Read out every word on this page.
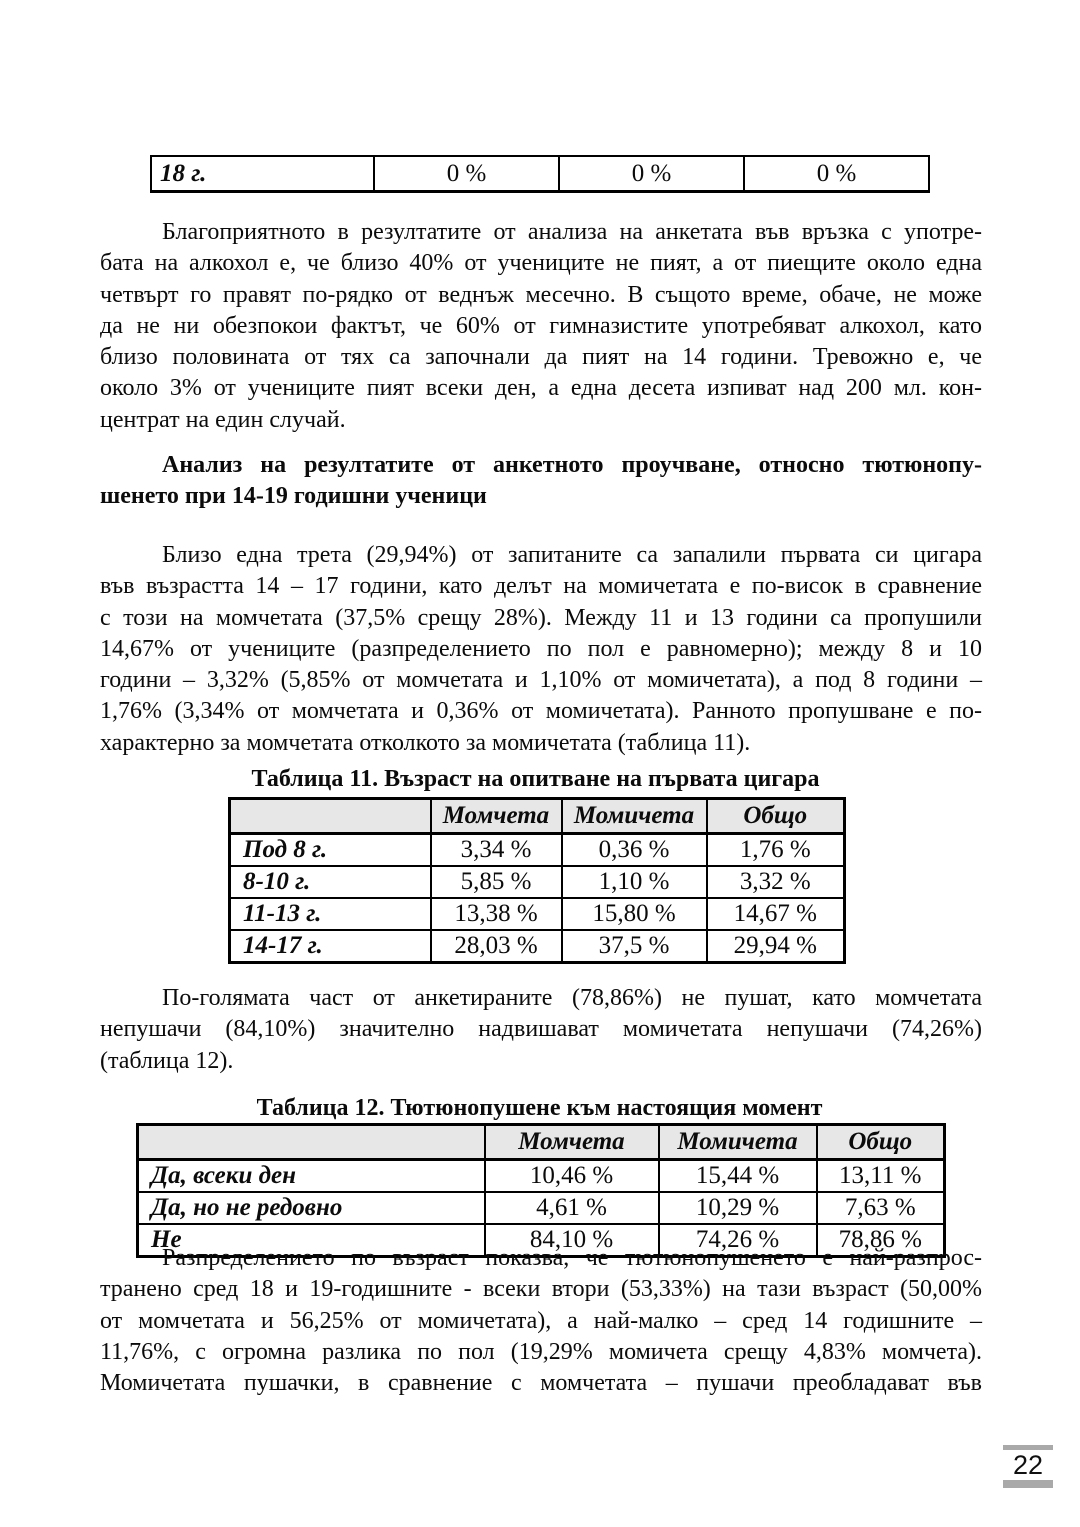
18 г.	0 %	0 %	0 %
Благоприятното в резултатите от анализа на анкетата във връзка с употре-
бата на алкохол е, че близо 40% от учениците не пият, а от пиещите около една
четвърт го правят по-рядко от веднъж месечно. В същото време, обаче, не може
да не ни обезпокои фактът, че 60% от гимназистите употребяват алкохол, като
близо половината от тях са започнали да пият на 14 години. Тревожно е, че
около 3% от учениците пият всеки ден, а една десета изпиват над 200 мл. кон-
центрат на един случай.
Анализ на резултатите от анкетното проучване, относно тютюнопу-
шенето при 14-19 годишни ученици
Близо една трета (29,94%) от запитаните са запалили първата си цигара
във възрастта 14 – 17 години, като делът на момичетата е по-висок в сравнение
с този на момчетата (37,5% срещу 28%). Между 11 и 13 години са пропушили
14,67% от учениците (разпределението по пол е равномерно); между 8 и 10
години – 3,32% (5,85% от момчетата и 1,10% от момичетата), а под 8 години –
1,76% (3,34% от момчетата и 0,36% от момичетата). Ранното пропушване е по-
характерно за момчетата отколкото за момичетата (таблица 11).
Таблица 11. Възраст на опитване на първата цигара
	Момчета	Момичета	Общо
Под 8 г.	3,34 %	0,36 %	1,76 %
8-10 г.	5,85 %	1,10 %	3,32 %
11-13 г.	13,38 %	15,80 %	14,67 %
14-17 г.	28,03 %	37,5 %	29,94 %
По-голямата част от анкетираните (78,86%) не пушат, като момчетата
непушачи (84,10%) значително надвишават момичетата непушачи (74,26%)
(таблица 12).
Таблица 12. Тютюнопушене към настоящия момент
	Момчета	Момичета	Общо
Да, всеки ден	10,46 %	15,44 %	13,11 %
Да, но не редовно	4,61 %	10,29 %	7,63 %
Не	84,10 %	74,26 %	78,86 %
Разпределението по възраст показва, че тютюнопушенето е най-разпрос-
транено сред 18 и 19-годишните - всеки втори (53,33%) на тази възраст (50,00%
от момчетата и 56,25% от момичетата), а най-малко – сред 14 годишните –
11,76%, с огромна разлика по пол (19,29% момичета срещу 4,83% момчета).
Момичетата пушачки, в сравнение с момчетата – пушачи преобладават във
22
